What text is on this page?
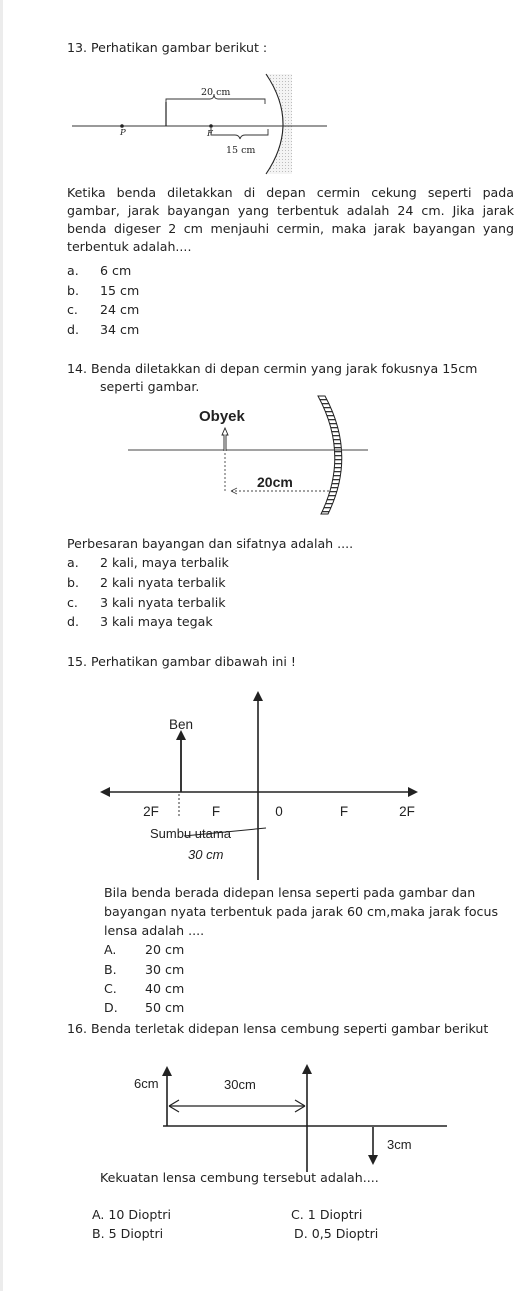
13. Perhatikan gambar berikut :
20 cm
P	F
15 cm
Ketika benda diletakkan di depan cermin cekung seperti pada gambar, jarak bayangan yang terbentuk adalah 24 cm. Jika jarak benda digeser 2 cm menjauhi cermin, maka jarak bayangan yang terbentuk adalah....
a. 6 cm
b. 15 cm
c. 24 cm
d. 34 cm
14. Benda diletakkan di depan cermin yang jarak fokusnya 15cm
seperti gambar.
Obyek
20cm
Perbesaran bayangan dan sifatnya adalah ....
a. 2 kali, maya terbalik
b. 2 kali nyata terbalik
c. 3 kali nyata terbalik
d. 3 kali maya tegak
15. Perhatikan gambar dibawah ini !
Ben
2F	F	0	F	2F
Sumbu utama
30 cm
Bila benda berada didepan lensa seperti pada gambar dan
bayangan nyata terbentuk pada jarak 60 cm,maka jarak focus
lensa adalah ....
A. 20 cm
B. 30 cm
C. 40 cm
D. 50 cm
16. Benda terletak didepan lensa cembung seperti gambar berikut
6cm	30cm
3cm
Kekuatan lensa cembung tersebut adalah....
A. 10 Dioptri	C. 1 Dioptri
B. 5 Dioptri	D. 0,5 Dioptri
